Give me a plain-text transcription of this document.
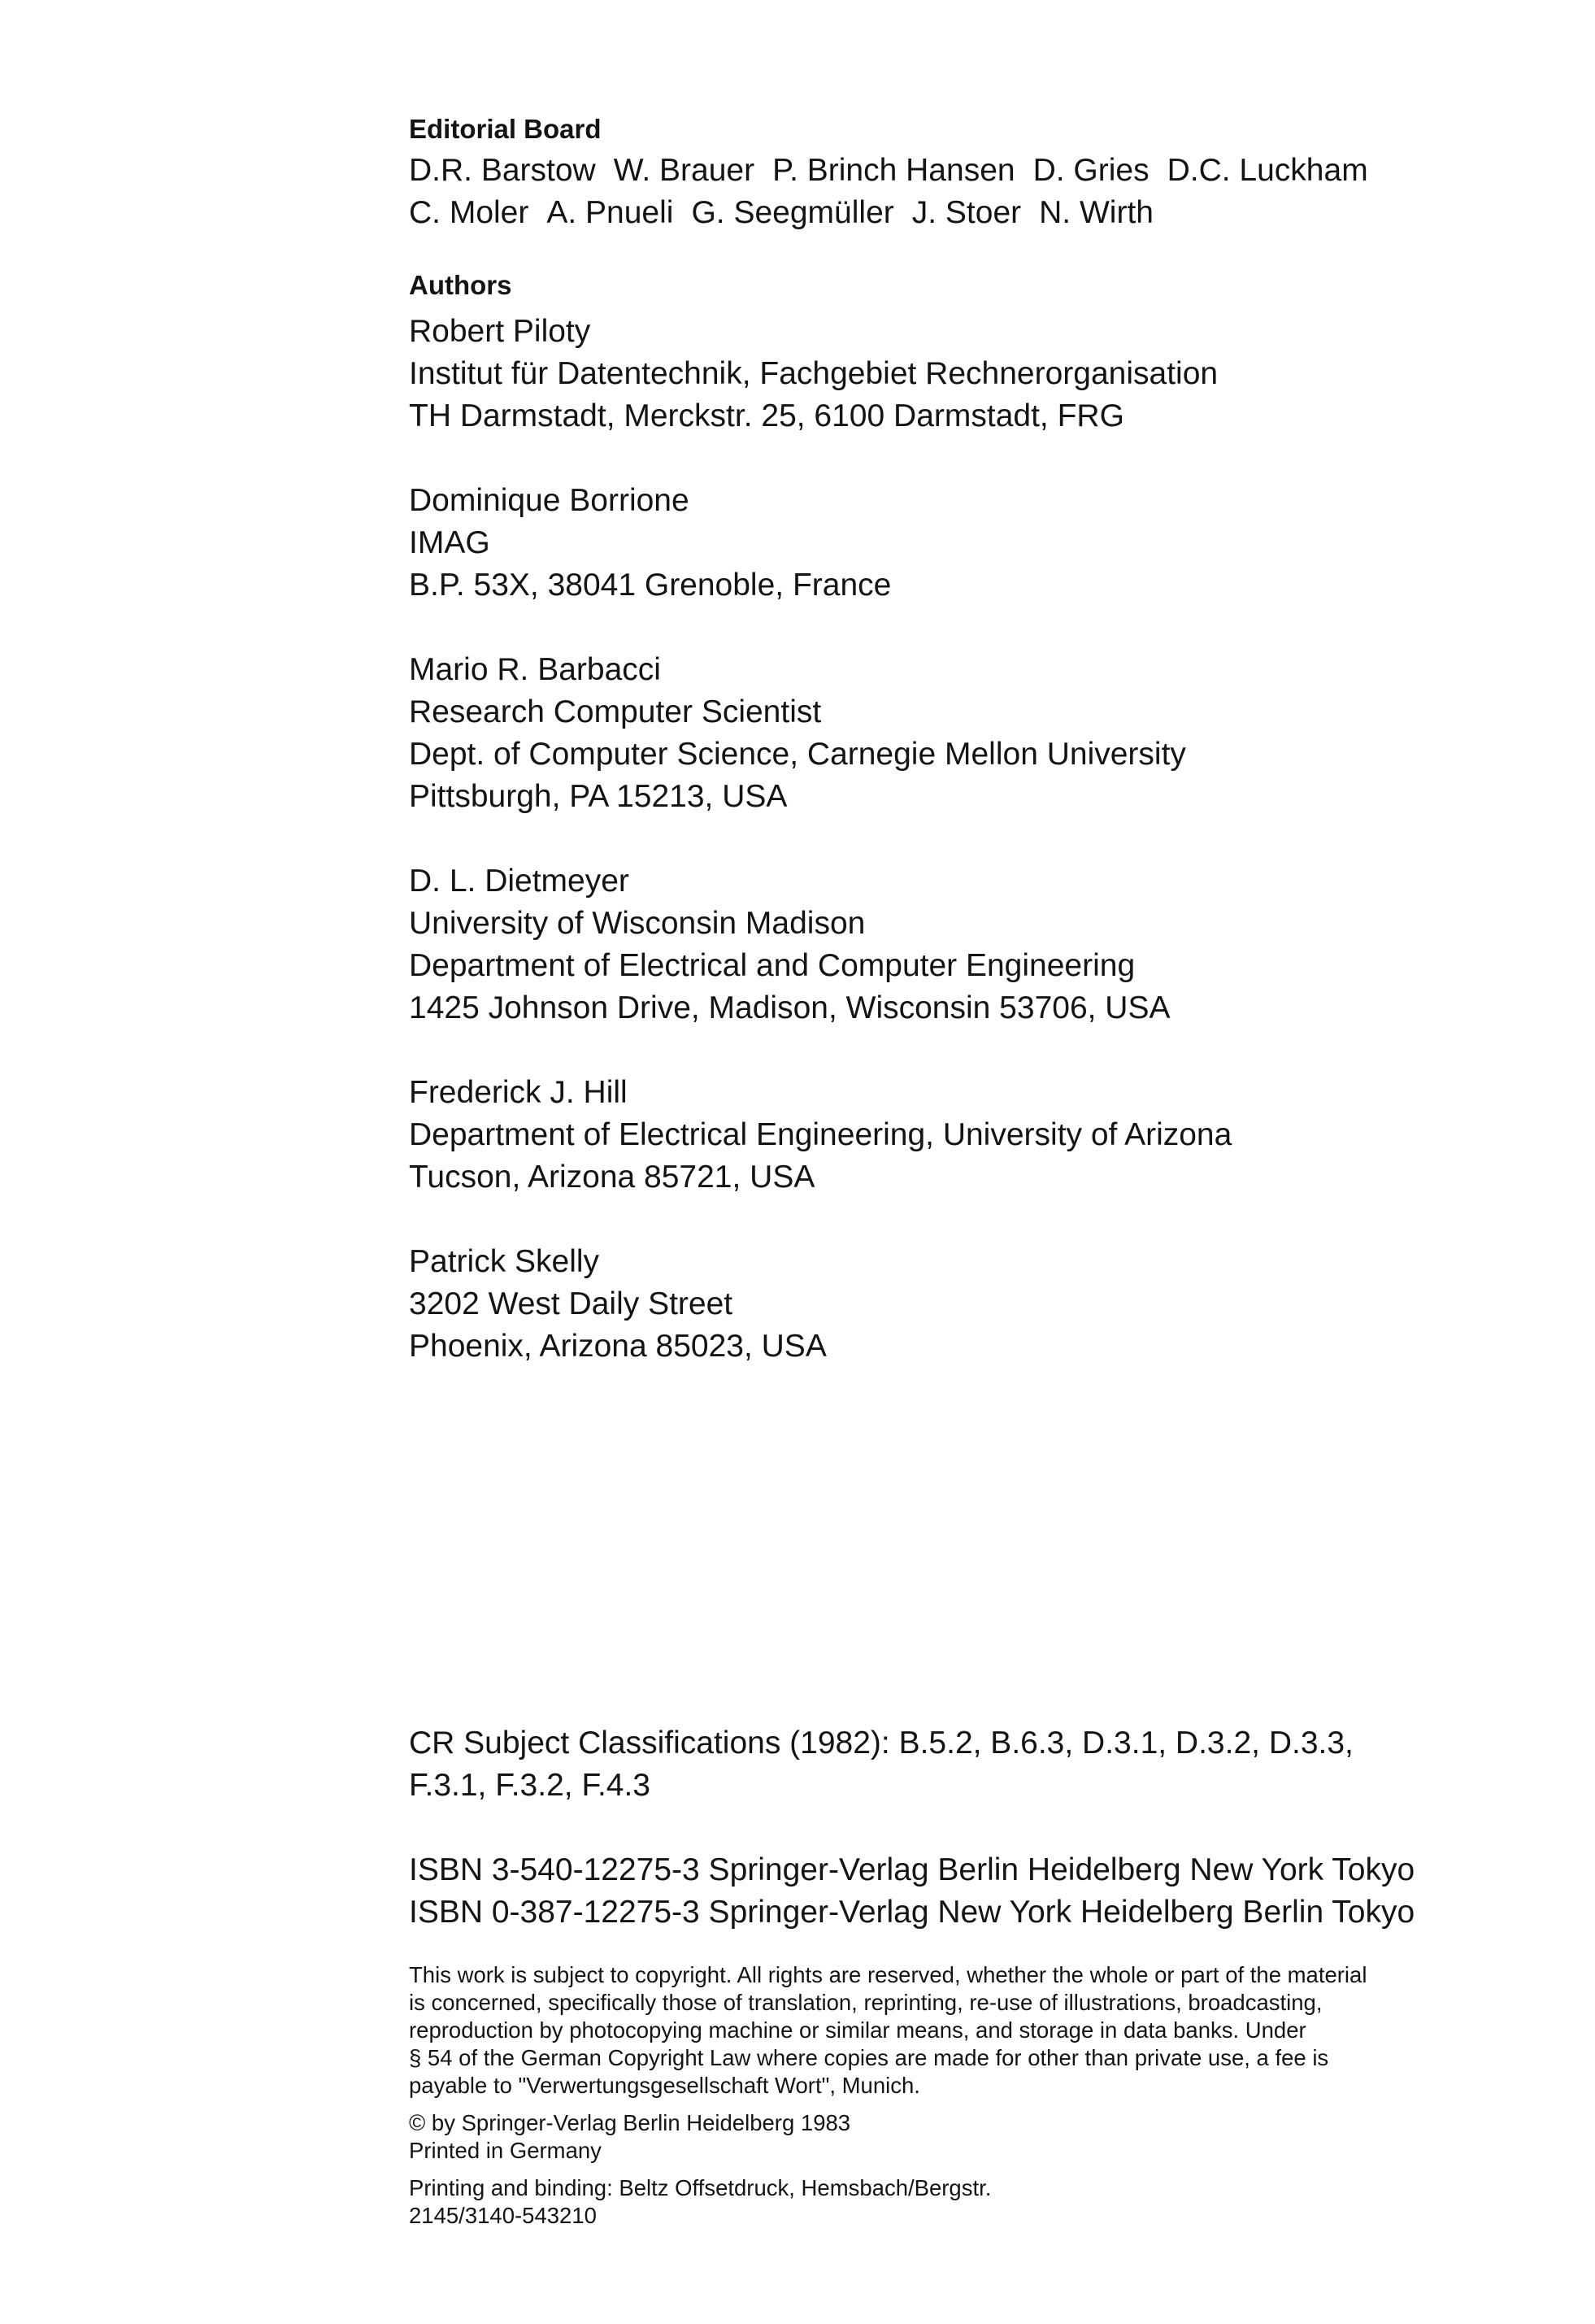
Editorial Board
D.R. Barstow W. Brauer P. Brinch Hansen D. Gries D.C. Luckham
C. Moler A. Pnueli G. Seegmüller J. Stoer N. Wirth
Authors
Robert Piloty
Institut für Datentechnik, Fachgebiet Rechnerorganisation
TH Darmstadt, Merckstr. 25, 6100 Darmstadt, FRG
Dominique Borrione
IMAG
B.P. 53X, 38041 Grenoble, France
Mario R. Barbacci
Research Computer Scientist
Dept. of Computer Science, Carnegie Mellon University
Pittsburgh, PA 15213, USA
D. L. Dietmeyer
University of Wisconsin Madison
Department of Electrical and Computer Engineering
1425 Johnson Drive, Madison, Wisconsin 53706, USA
Frederick J. Hill
Department of Electrical Engineering, University of Arizona
Tucson, Arizona 85721, USA
Patrick Skelly
3202 West Daily Street
Phoenix, Arizona 85023, USA
CR Subject Classifications (1982): B.5.2, B.6.3, D.3.1, D.3.2, D.3.3,
F.3.1, F.3.2, F.4.3
ISBN 3-540-12275-3 Springer-Verlag Berlin Heidelberg New York Tokyo
ISBN 0-387-12275-3 Springer-Verlag New York Heidelberg Berlin Tokyo
This work is subject to copyright. All rights are reserved, whether the whole or part of the material
is concerned, specifically those of translation, reprinting, re-use of illustrations, broadcasting,
reproduction by photocopying machine or similar means, and storage in data banks. Under
§ 54 of the German Copyright Law where copies are made for other than private use, a fee is
payable to "Verwertungsgesellschaft Wort", Munich.
© by Springer-Verlag Berlin Heidelberg 1983
Printed in Germany
Printing and binding: Beltz Offsetdruck, Hemsbach/Bergstr.
2145/3140-543210
